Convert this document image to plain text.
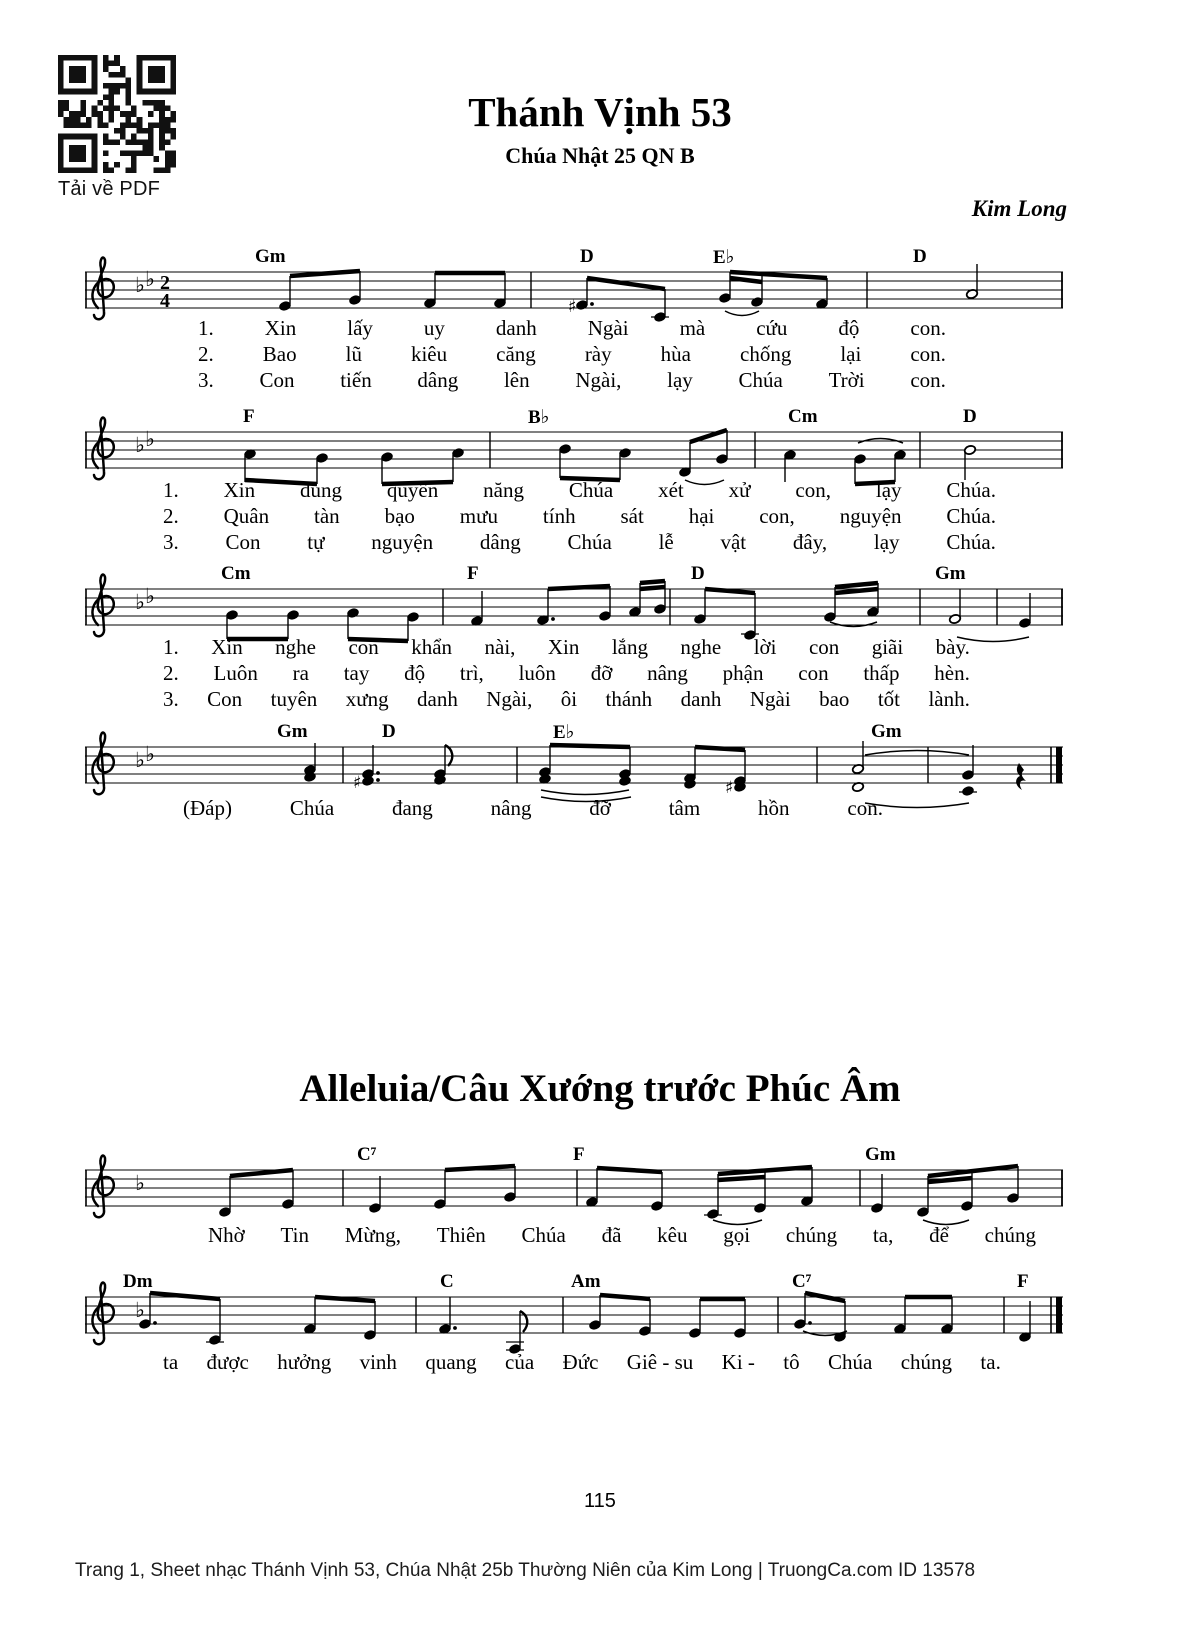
Tải về PDF
Thánh Vịnh 53
Chúa Nhật 25 QN B
Kim Long
Gm	D	E♭	D
♭ ♭ 2
4	♯
1. Xin lấy uy danh Ngài mà cứu độ con.
2. Bao lũ kiêu căng rày hùa chống lại con.
3. Con tiến dâng lên Ngài, lạy Chúa Trời con.
F	B♭	Cm	D
♭ ♭
1. Xin dùng quyền năng Chúa xét xử con, lạy Chúa.
2. Quân tàn bạo mưu tính sát hại con, nguyện Chúa.
3. Con tự nguyện dâng Chúa lễ vật đây, lạy Chúa.
Cm	F	D	Gm
♭ ♭
1. Xin nghe con khẩn nài, Xin lắng nghe lời con giãi bày.
2. Luôn ra tay độ trì, luôn đỡ nâng phận con thấp hèn.
3. Con tuyên xưng danh Ngài, ôi thánh danh Ngài bao tốt lành.
Gm	D	E♭	Gm
♭ ♭
♯	♯
(Đáp)	Chúa	đang	nâng	đỡ	tâm	hồn	con.
Alleluia/Câu Xướng trước Phúc Âm
C⁷	F	Gm
♭
Nhờ Tin Mừng, Thiên Chúa đã kêu gọi chúng ta, để chúng
Dm	C	Am	C⁷	F
♭
ta được hưởng vinh quang của Đức Giê - su Ki - tô Chúa chúng ta.
115
Trang 1, Sheet nhạc Thánh Vịnh 53, Chúa Nhật 25b Thường Niên của Kim Long | TruongCa.com ID 13578
